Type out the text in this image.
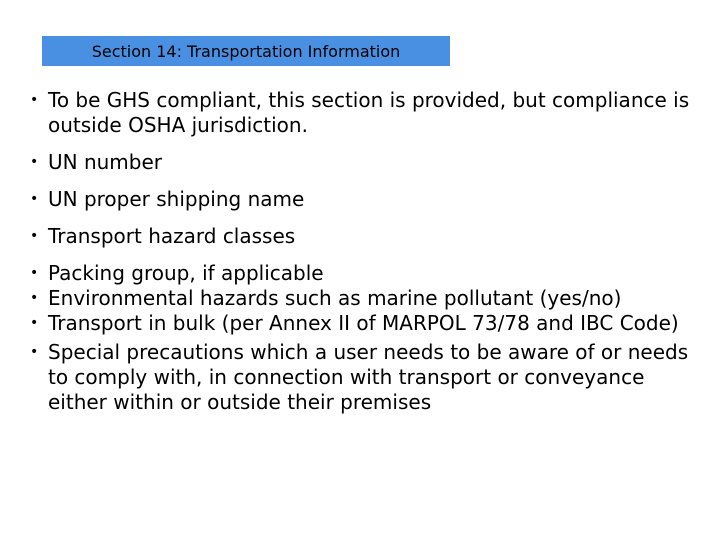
Section 14: Transportation Information
• To be GHS compliant, this section is provided, but compliance is outside OSHA jurisdiction.
• UN number
• UN proper shipping name
• Transport hazard classes
• Packing group, if applicable
• Environmental hazards such as marine pollutant (yes/no)
• Transport in bulk (per Annex II of MARPOL 73/78 and IBC Code)
• Special precautions which a user needs to be aware of or needs to comply with, in connection with transport or conveyance either within or outside their premises
